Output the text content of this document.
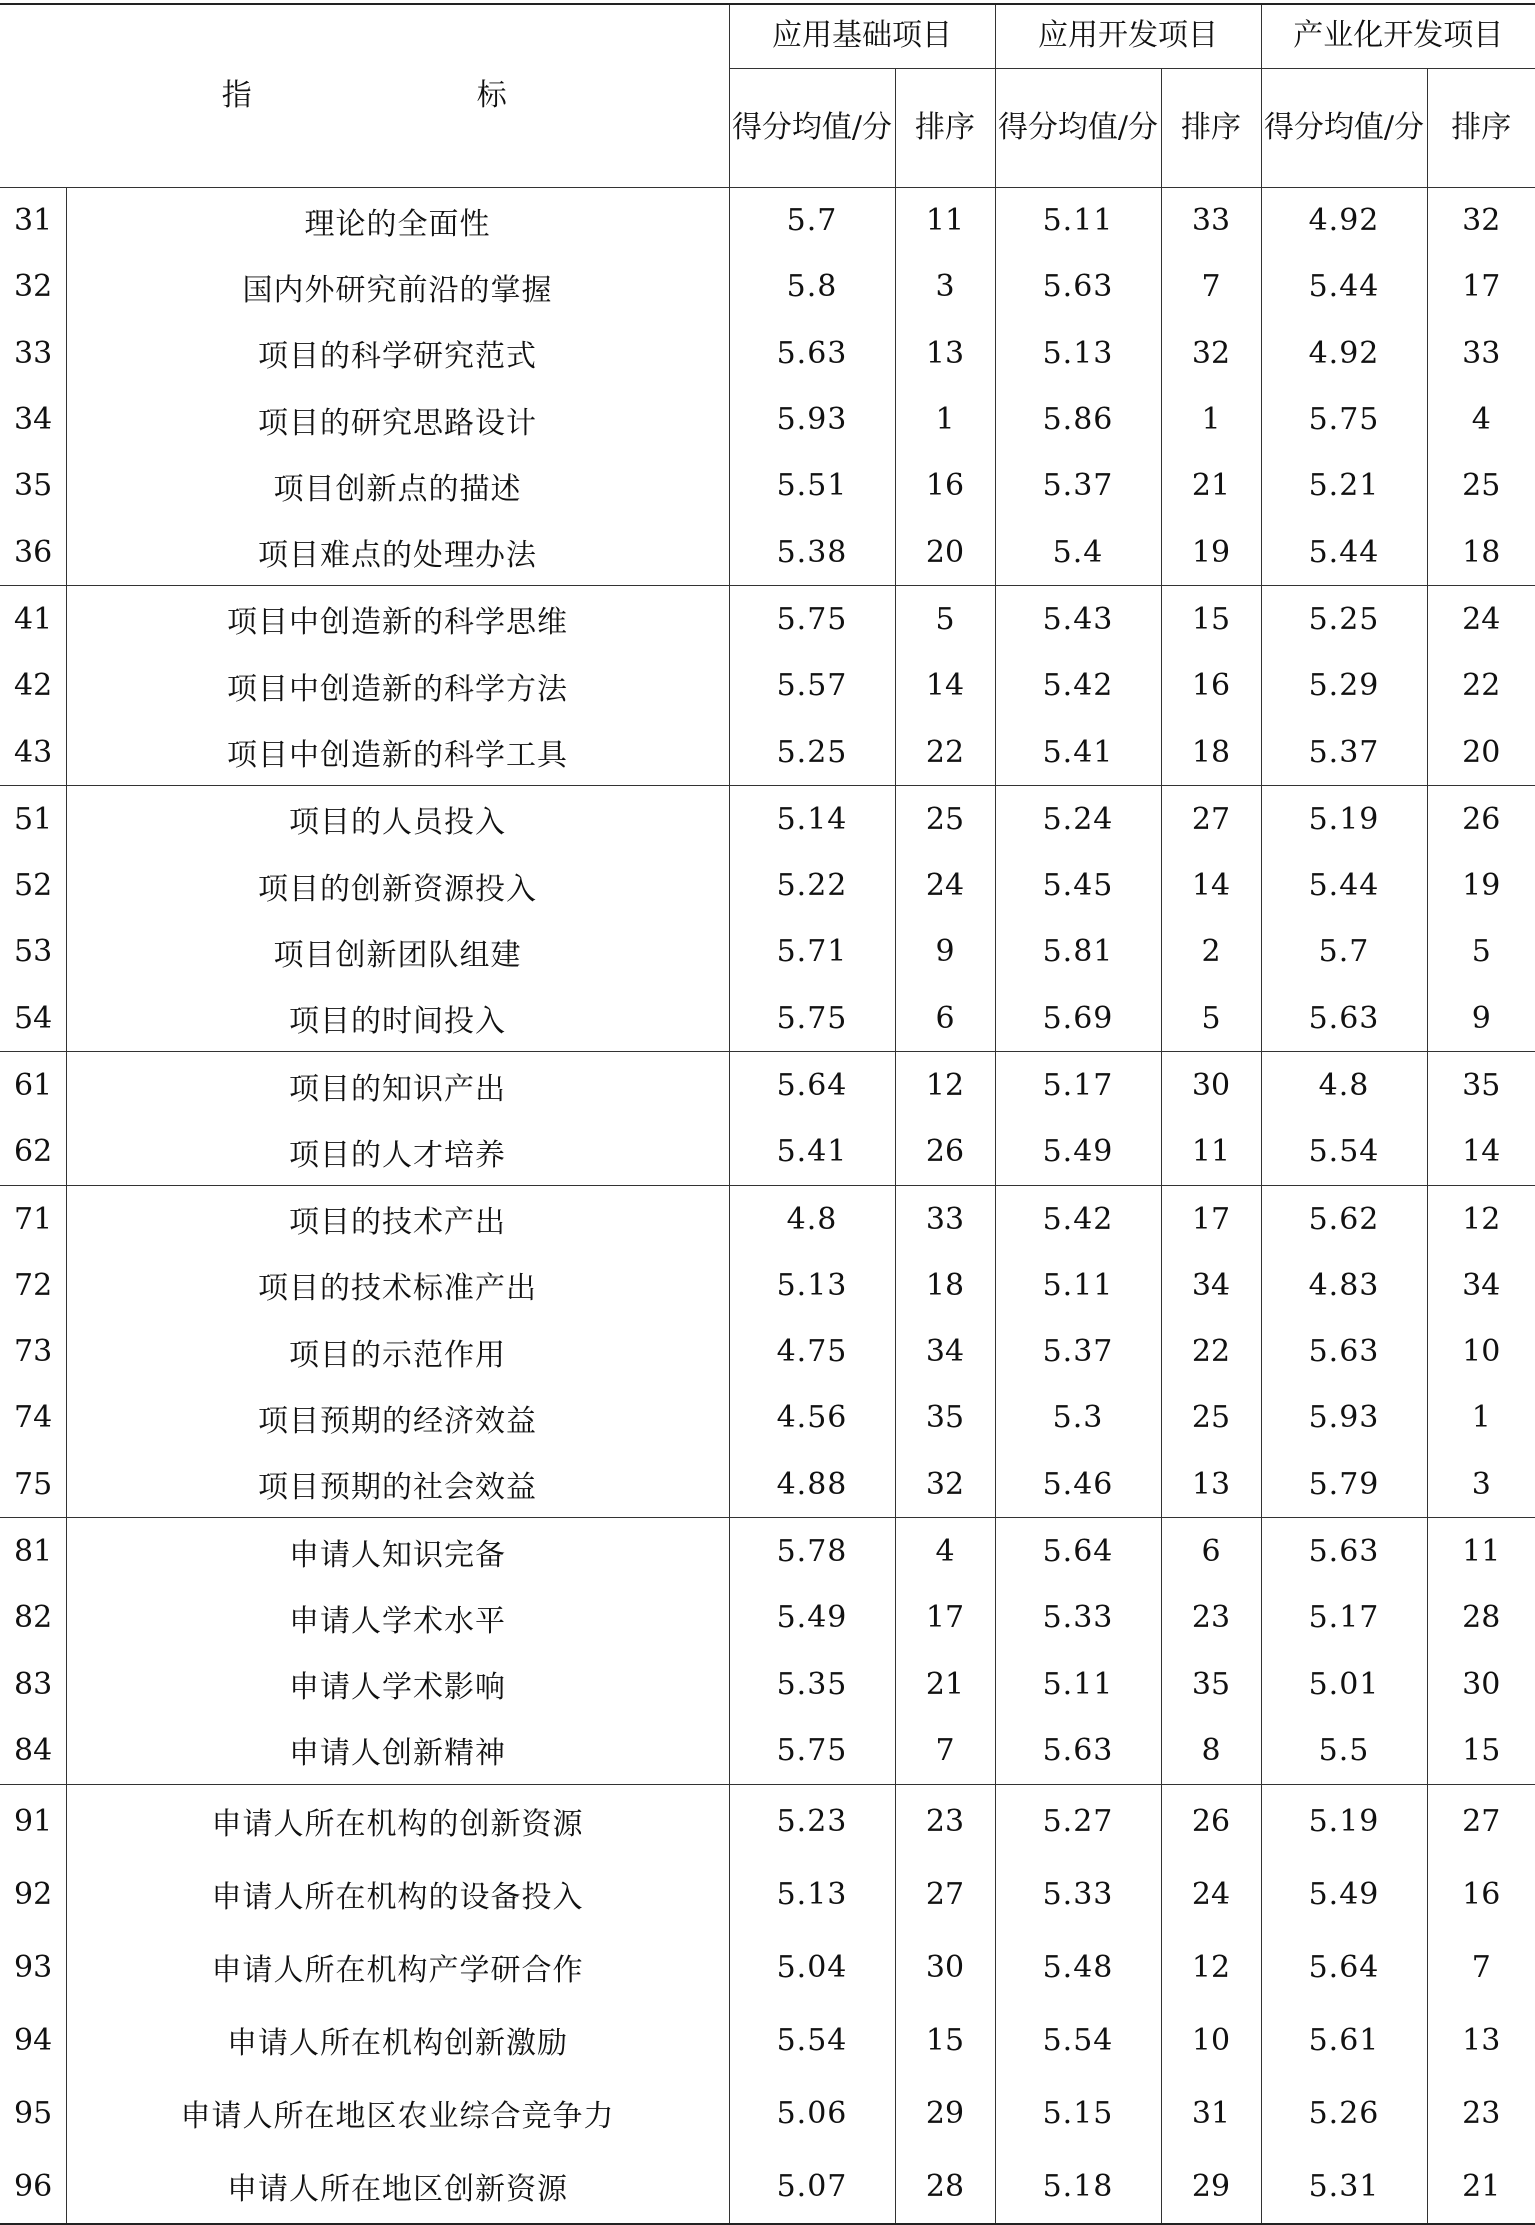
指　　标		应用基础项目		应用开发项目		产业化开发项目	
		得分均值/分	排序	得分均值/分	排序	得分均值/分	排序
31	理论的全面性	5.7	11	5.11	33	4.92	32
32	国内外研究前沿的掌握	5.8	3	5.63	7	5.44	17
33	项目的科学研究范式	5.63	13	5.13	32	4.92	33
34	项目的研究思路设计	5.93	1	5.86	1	5.75	4
35	项目创新点的描述	5.51	16	5.37	21	5.21	25
36	项目难点的处理办法	5.38	20	5.4	19	5.44	18
41	项目中创造新的科学思维	5.75	5	5.43	15	5.25	24
42	项目中创造新的科学方法	5.57	14	5.42	16	5.29	22
43	项目中创造新的科学工具	5.25	22	5.41	18	5.37	20
51	项目的人员投入	5.14	25	5.24	27	5.19	26
52	项目的创新资源投入	5.22	24	5.45	14	5.44	19
53	项目创新团队组建	5.71	9	5.81	2	5.7	5
54	项目的时间投入	5.75	6	5.69	5	5.63	9
61	项目的知识产出	5.64	12	5.17	30	4.8	35
62	项目的人才培养	5.41	26	5.49	11	5.54	14
71	项目的技术产出	4.8	33	5.42	17	5.62	12
72	项目的技术标准产出	5.13	18	5.11	34	4.83	34
73	项目的示范作用	4.75	34	5.37	22	5.63	10
74	项目预期的经济效益	4.56	35	5.3	25	5.93	1
75	项目预期的社会效益	4.88	32	5.46	13	5.79	3
81	申请人知识完备	5.78	4	5.64	6	5.63	11
82	申请人学术水平	5.49	17	5.33	23	5.17	28
83	申请人学术影响	5.35	21	5.11	35	5.01	30
84	申请人创新精神	5.75	7	5.63	8	5.5	15
91	申请人所在机构的创新资源	5.23	23	5.27	26	5.19	27
92	申请人所在机构的设备投入	5.13	27	5.33	24	5.49	16
93	申请人所在机构产学研合作	5.04	30	5.48	12	5.64	7
94	申请人所在机构创新激励	5.54	15	5.54	10	5.61	13
95	申请人所在地区农业综合竞争力	5.06	29	5.15	31	5.26	23
96	申请人所在地区创新资源	5.07	28	5.18	29	5.31	21
